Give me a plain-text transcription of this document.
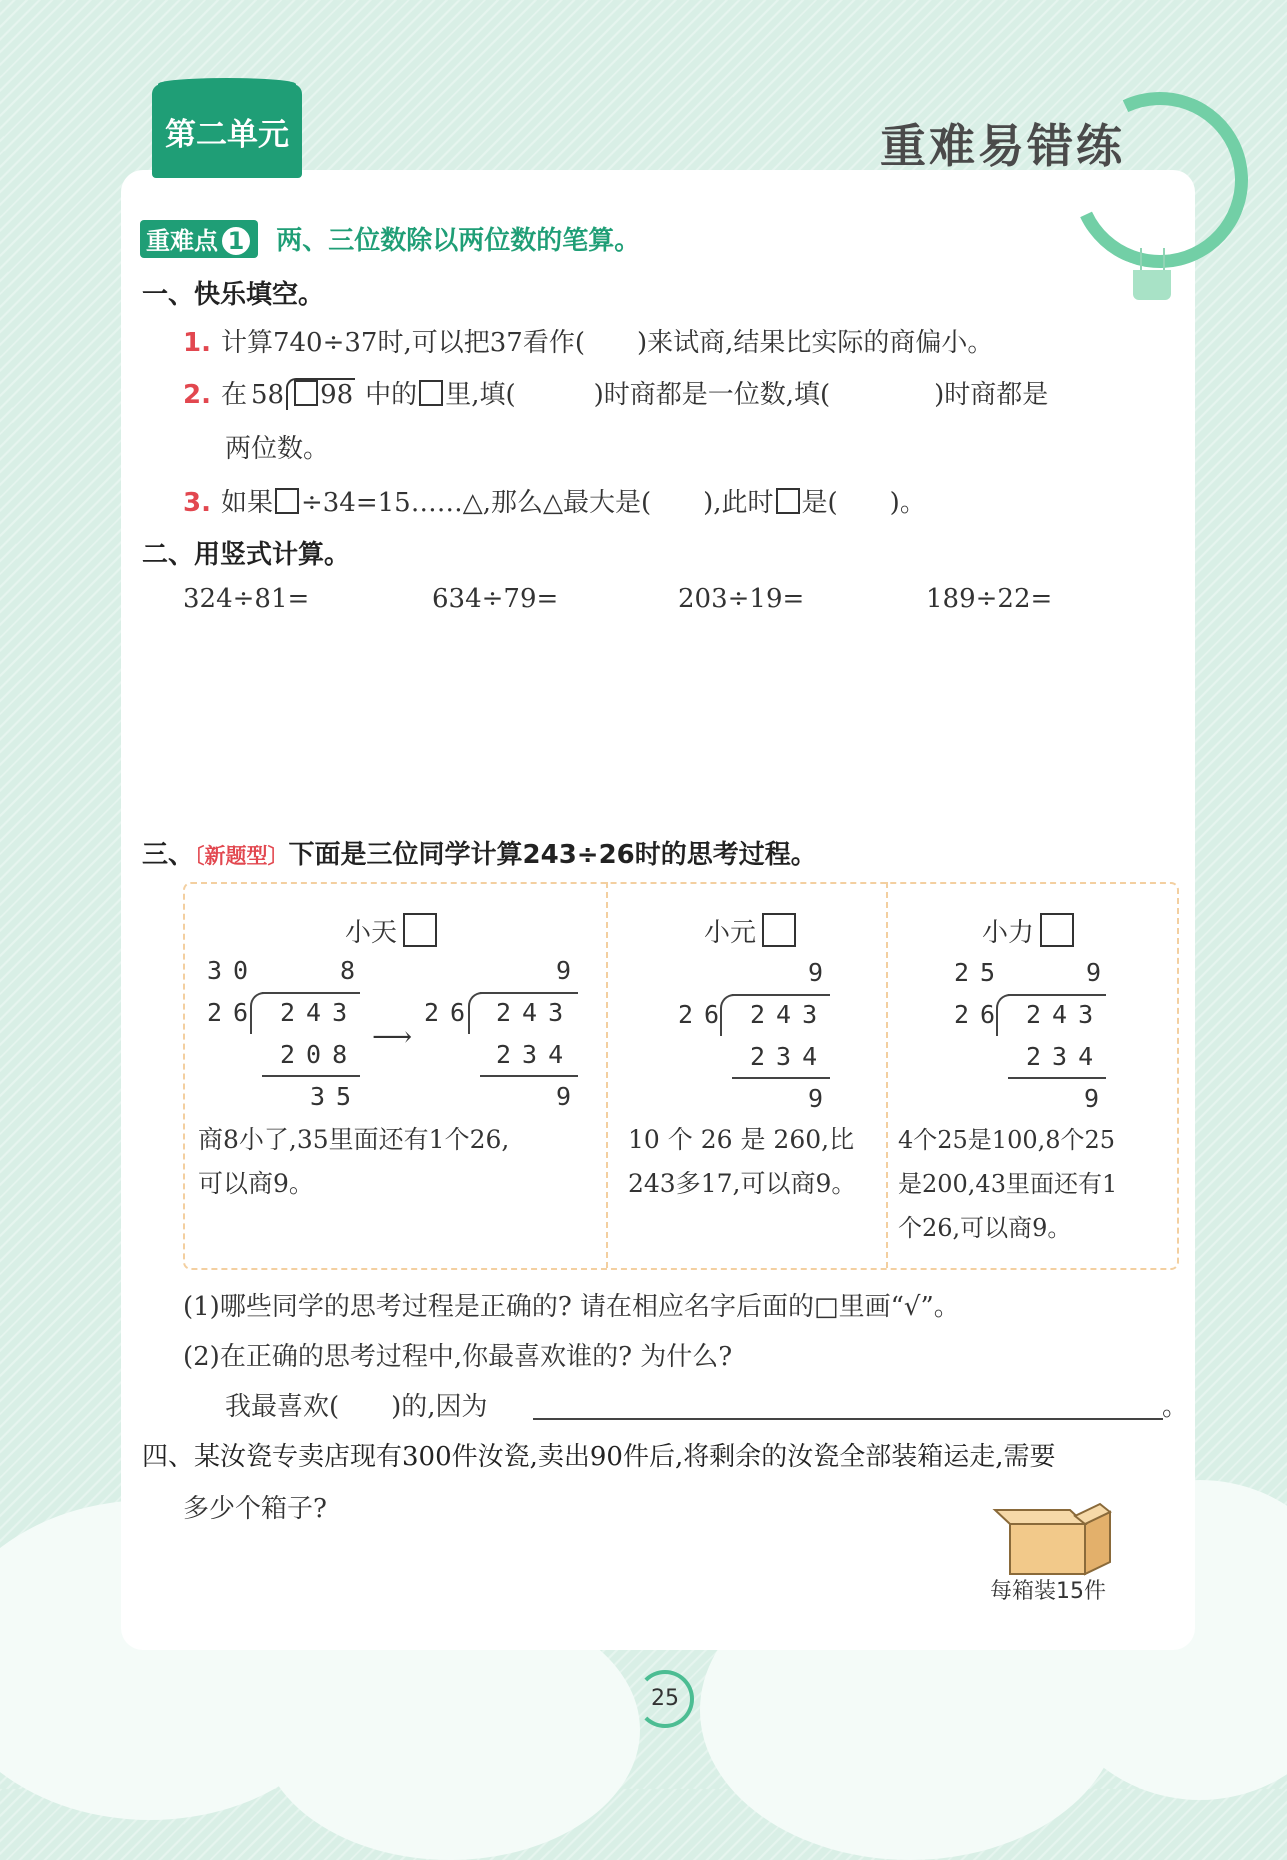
第二单元	重难易错练
重难点 1 两、三位数除以两位数的笔算。
一、快乐填空。
1. 计算740÷37时,可以把37看作(　　)来试商,结果比实际的商偏小。
2. 在 58 98 中的 里,填(　　　)时商都是一位数,填(　　　　)时商都是
两位数。
3. 如果 ÷34=15……△,那么△最大是(　　),此时 是(　　)。
二、用竖式计算。
324÷81=	634÷79=	203÷19=	189÷22=
三、〔新题型〕下面是三位同学计算243÷26时的思考过程。
小天
30	8
26 243
208
35
⟶
9
26 243
234
9
商8小了,35里面还有1个26,
可以商9。
小元
9
26 243
234
9
10 个 26 是 260,比
243多17,可以商9。
小力
25	9
26 243
234
9
4个25是100,8个25
是200,43里面还有1
个26,可以商9。
(1)哪些同学的思考过程是正确的? 请在相应名字后面的□里画“√”。
(2)在正确的思考过程中,你最喜欢谁的? 为什么?
我最喜欢(　　)的,因为	。
四、某汝瓷专卖店现有300件汝瓷,卖出90件后,将剩余的汝瓷全部装箱运走,需要
多少个箱子?
每箱装15件
25
